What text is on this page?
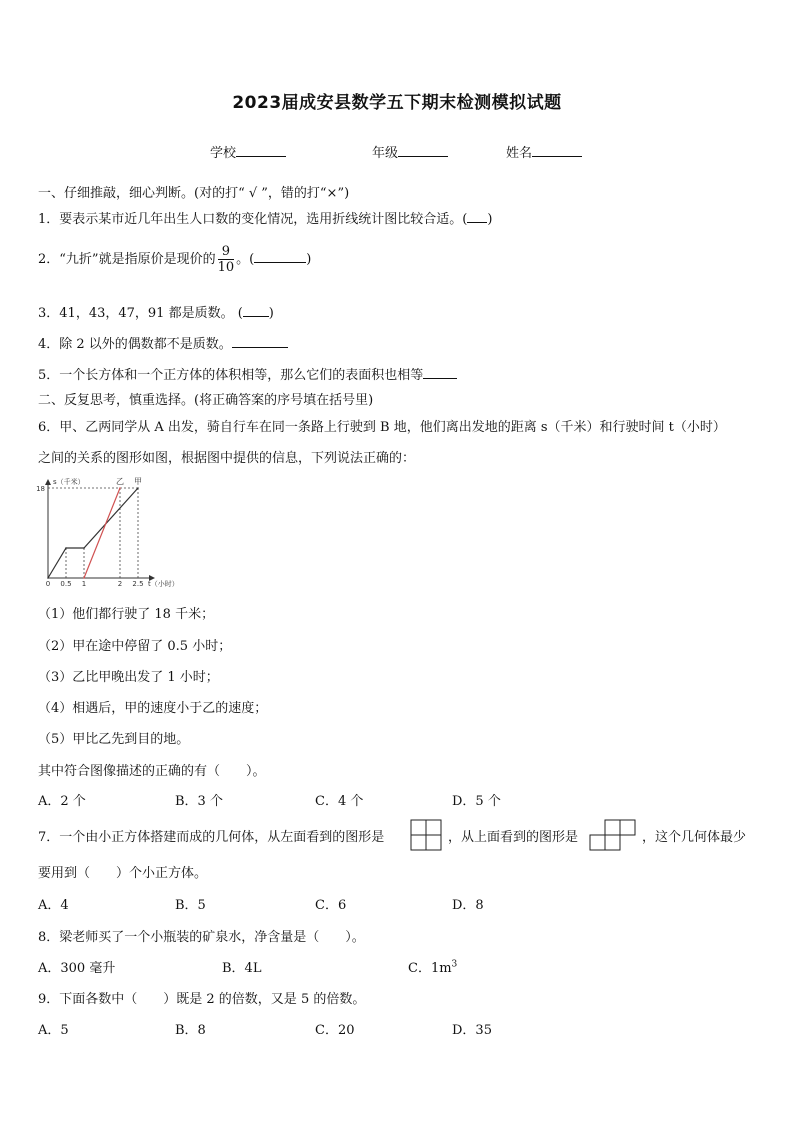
2023届成安县数学五下期末检测模拟试题
学校	年级	姓名
一、仔细推敲，细心判断。(对的打“ √ ”，错的打“×”)
1．要表示某市近几年出生人口数的变化情况，选用折线统计图比较合适。( )
2．“九折”就是指原价是现价的 $\frac{9}{10}$ 。(	)
3．41，43，47，91 都是质数。 ( )
4．除 2 以外的偶数都不是质数。
5．一个长方体和一个正方体的体积相等，那么它们的表面积也相等
二、反复思考，慎重选择。(将正确答案的序号填在括号里)
6．甲、乙两同学从 A 出发，骑自行车在同一条路上行驶到 B 地，他们离出发地的距离 s（千米）和行驶时间 t（小时）
之间的关系的图形如图，根据图中提供的信息，下列说法正确的：
s（千米）
t（小时）
0 0.5 1	2 2.5
18
乙 甲
（1）他们都行驶了 18 千米；
（2）甲在途中停留了 0.5 小时；
（3）乙比甲晚出发了 1 小时；
（4）相遇后，甲的速度小于乙的速度；
（5）甲比乙先到目的地。
其中符合图像描述的正确的有（　　）。
A．2 个	B．3 个	C．4 个	D．5 个
7．一个由小正方体搭建而成的几何体，从左面看到的图形是	，从上面看到的图形是	，这个几何体最少
要用到（　　）个小正方体。
A．4	B．5	C．6	D．8
8．梁老师买了一个小瓶装的矿泉水，净含量是（　　）。
A．300 毫升	B．4L	C．$1m^3$
9．下面各数中（　　）既是 2 的倍数，又是 5 的倍数。
A．5	B．8	C．20	D．35
